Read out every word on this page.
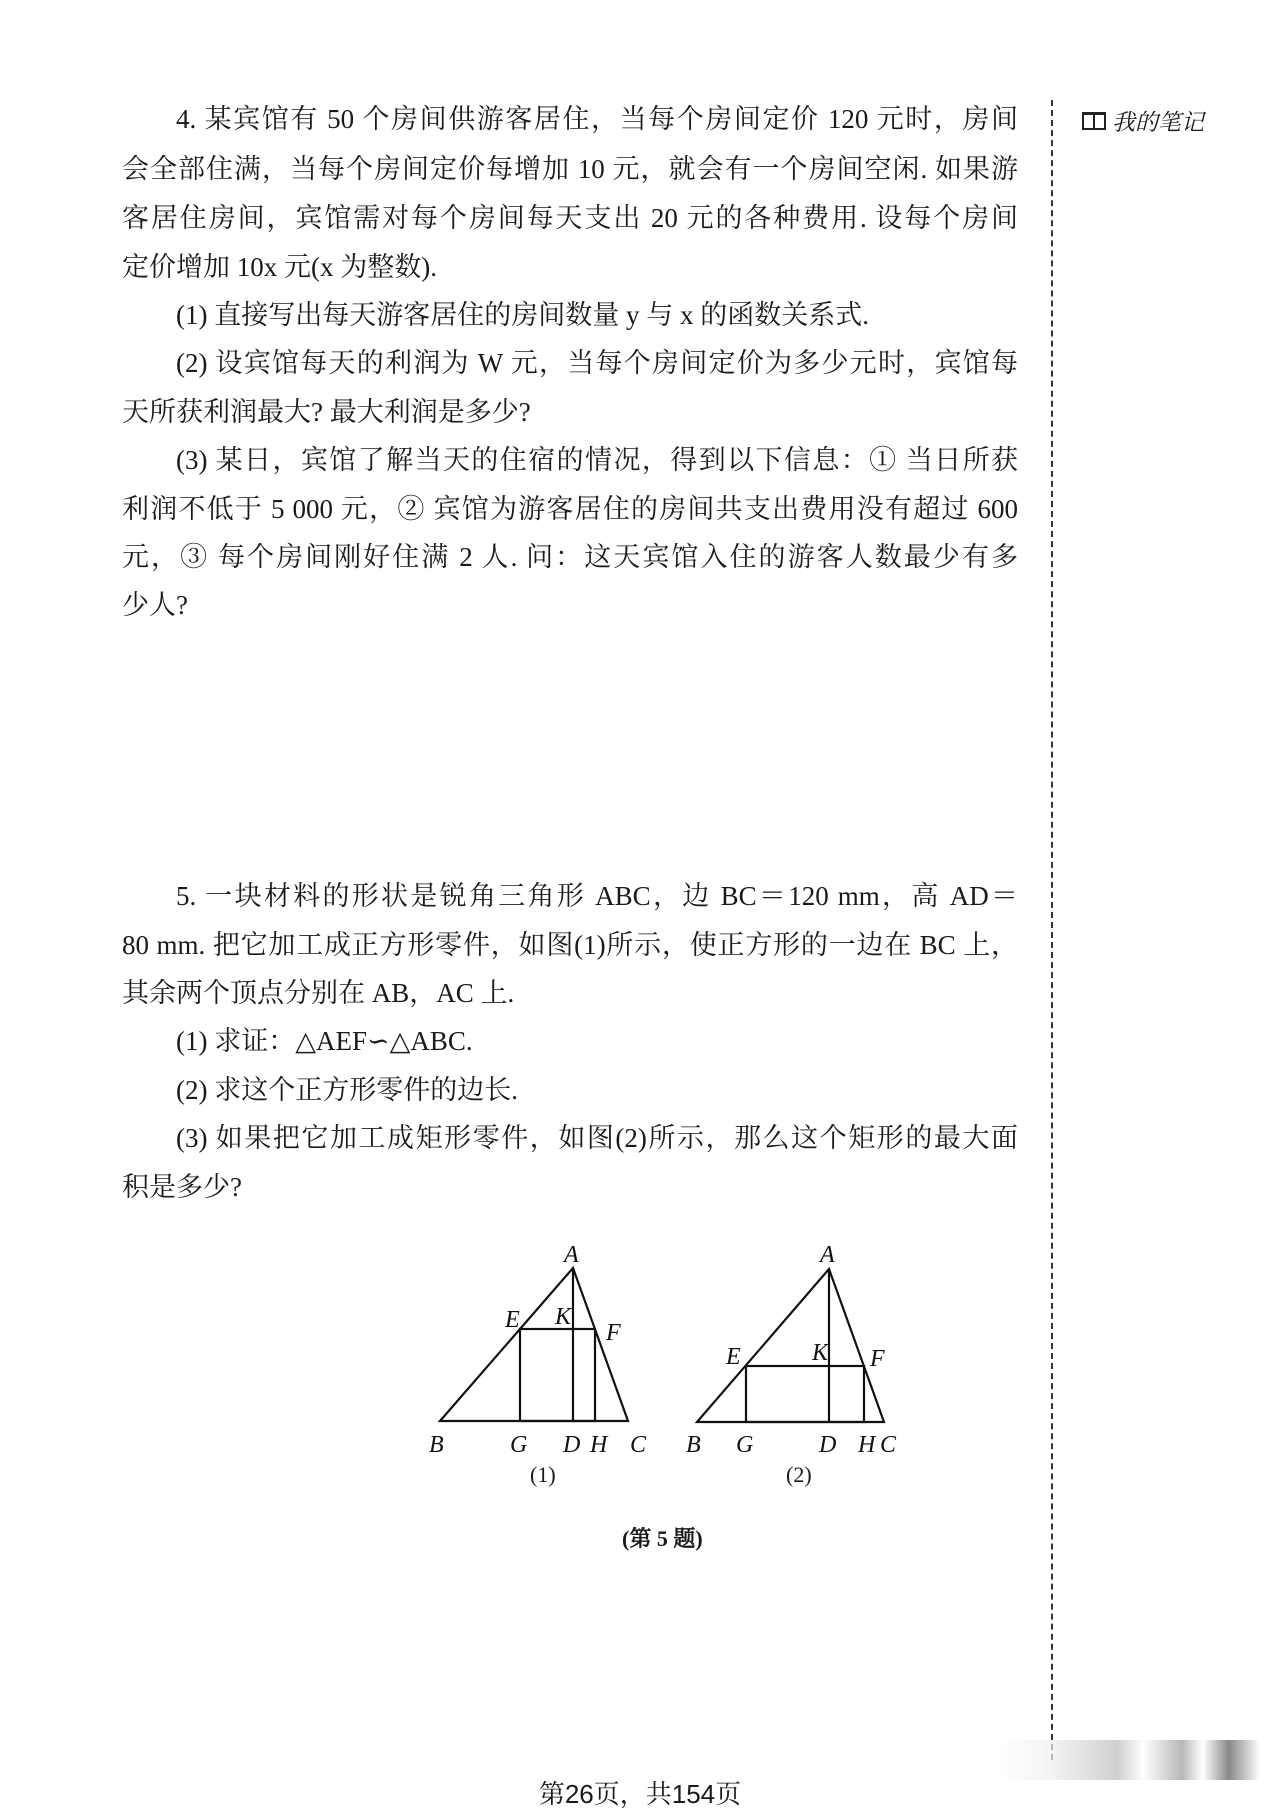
我的笔记
4. 某宾馆有 50 个房间供游客居住，当每个房间定价 120 元时，房间
会全部住满，当每个房间定价每增加 10 元，就会有一个房间空闲. 如果游
客居住房间，宾馆需对每个房间每天支出 20 元的各种费用. 设每个房间
定价增加 10x 元(x 为整数).
(1) 直接写出每天游客居住的房间数量 y 与 x 的函数关系式.
(2) 设宾馆每天的利润为 W 元，当每个房间定价为多少元时，宾馆每
天所获利润最大? 最大利润是多少?
(3) 某日，宾馆了解当天的住宿的情况，得到以下信息：① 当日所获
利润不低于 5 000 元，② 宾馆为游客居住的房间共支出费用没有超过 600
元，③ 每个房间刚好住满 2 人. 问：这天宾馆入住的游客人数最少有多
少人?
5. 一块材料的形状是锐角三角形 ABC，边 BC＝120 mm，高 AD＝
80 mm. 把它加工成正方形零件，如图(1)所示，使正方形的一边在 BC 上，
其余两个顶点分别在 AB，AC 上.
(1) 求证：△AEF∽△ABC.
(2) 求这个正方形零件的边长.
(3) 如果把它加工成矩形零件，如图(2)所示，那么这个矩形的最大面
积是多少?
A
B	C
D
E	F
G	H
K
A
B	C
D
E	F
G	H
K
(1)	(2)
(第 5 题)
第26页，共154页
